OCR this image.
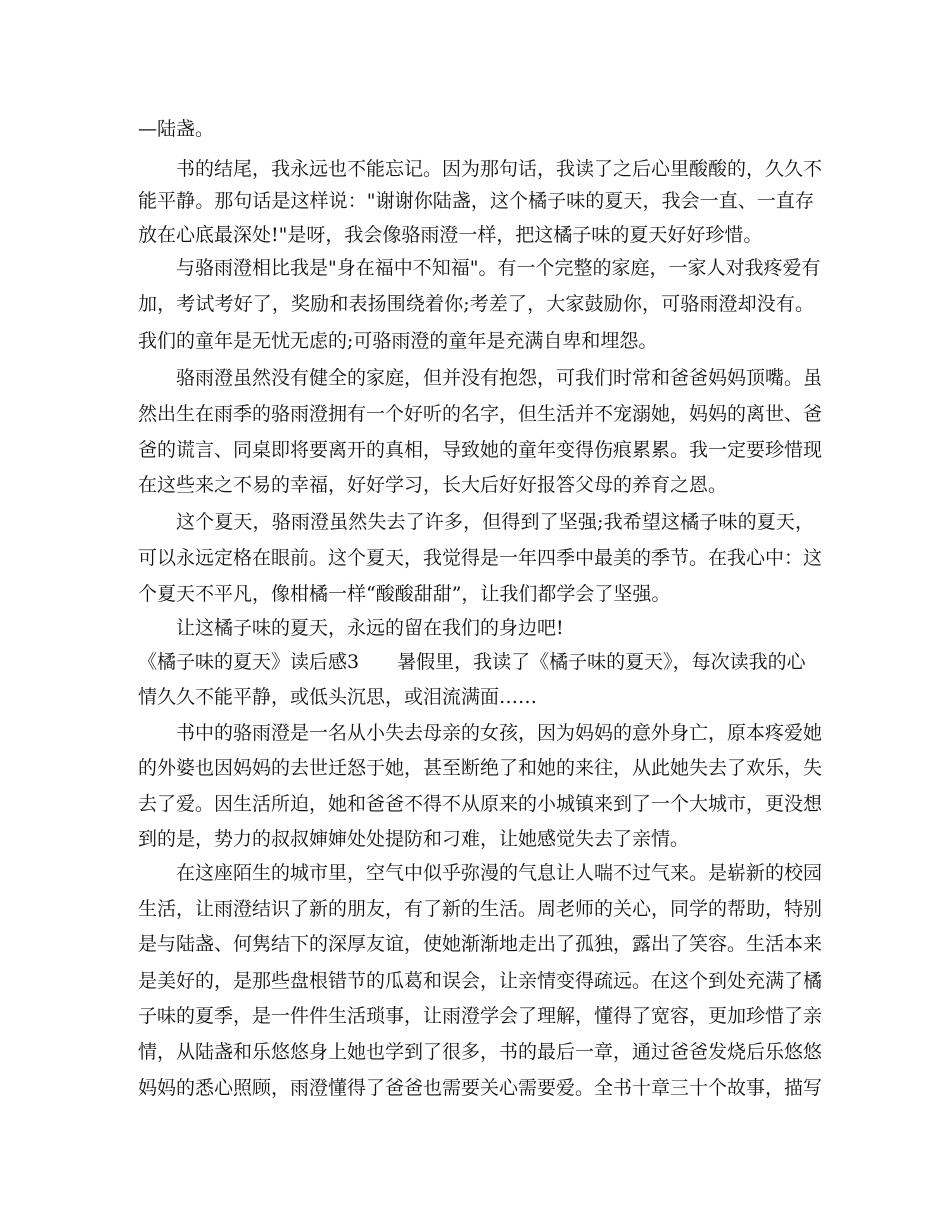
—陆盏。
书的结尾，我永远也不能忘记。因为那句话，我读了之后心里酸酸的，久久不
能平静。那句话是这样说："谢谢你陆盏，这个橘子味的夏天，我会一直、一直存
放在心底最深处!"是呀，我会像骆雨澄一样，把这橘子味的夏天好好珍惜。
与骆雨澄相比我是"身在福中不知福"。有一个完整的家庭，一家人对我疼爱有
加，考试考好了，奖励和表扬围绕着你;考差了，大家鼓励你，可骆雨澄却没有。
我们的童年是无忧无虑的;可骆雨澄的童年是充满自卑和埋怨。
骆雨澄虽然没有健全的家庭，但并没有抱怨，可我们时常和爸爸妈妈顶嘴。虽
然出生在雨季的骆雨澄拥有一个好听的名字，但生活并不宠溺她，妈妈的离世、爸
爸的谎言、同桌即将要离开的真相，导致她的童年变得伤痕累累。我一定要珍惜现
在这些来之不易的幸福，好好学习，长大后好好报答父母的养育之恩。
这个夏天，骆雨澄虽然失去了许多，但得到了坚强;我希望这橘子味的夏天，
可以永远定格在眼前。这个夏天，我觉得是一年四季中最美的季节。在我心中：这
个夏天不平凡，像柑橘一样“酸酸甜甜”，让我们都学会了坚强。
让这橘子味的夏天，永远的留在我们的身边吧!
《橘子味的夏天》读后感3 暑假里，我读了《橘子味的夏天》，每次读我的心
情久久不能平静，或低头沉思，或泪流满面……
书中的骆雨澄是一名从小失去母亲的女孩，因为妈妈的意外身亡，原本疼爱她
的外婆也因妈妈的去世迁怒于她，甚至断绝了和她的来往，从此她失去了欢乐，失
去了爱。因生活所迫，她和爸爸不得不从原来的小城镇来到了一个大城市，更没想
到的是，势力的叔叔婶婶处处提防和刁难，让她感觉失去了亲情。
在这座陌生的城市里，空气中似乎弥漫的气息让人喘不过气来。是崭新的校园
生活，让雨澄结识了新的朋友，有了新的生活。周老师的关心，同学的帮助，特别
是与陆盏、何隽结下的深厚友谊，使她渐渐地走出了孤独，露出了笑容。生活本来
是美好的，是那些盘根错节的瓜葛和误会，让亲情变得疏远。在这个到处充满了橘
子味的夏季，是一件件生活琐事，让雨澄学会了理解，懂得了宽容，更加珍惜了亲
情，从陆盏和乐悠悠身上她也学到了很多，书的最后一章，通过爸爸发烧后乐悠悠
妈妈的悉心照顾，雨澄懂得了爸爸也需要关心需要爱。全书十章三十个故事，描写
